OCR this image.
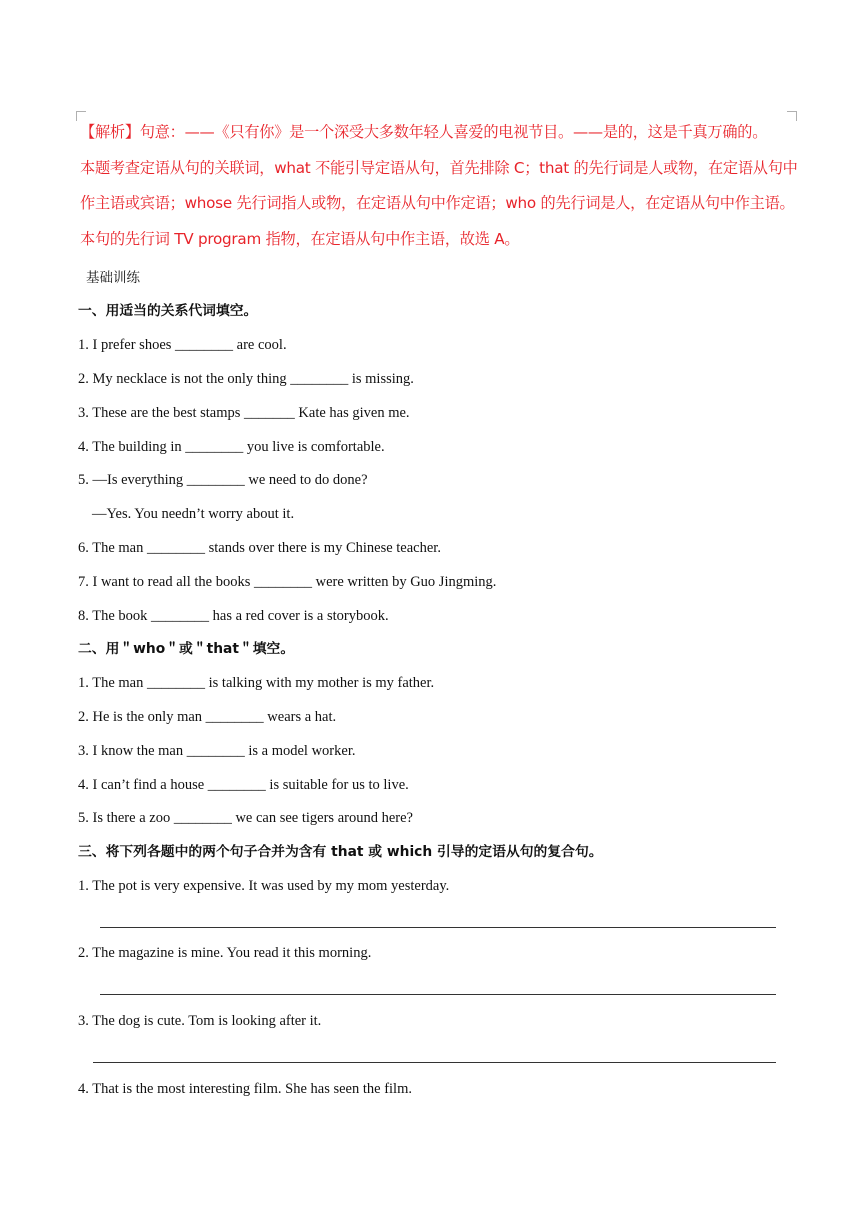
【解析】句意：——《只有你》是一个深受大多数年轻人喜爱的电视节目。——是的，这是千真万确的。
本题考查定语从句的关联词，what 不能引导定语从句，首先排除 C；that 的先行词是人或物，在定语从句中
作主语或宾语；whose 先行词指人或物，在定语从句中作定语；who 的先行词是人，在定语从句中作主语。
本句的先行词 TV program 指物，在定语从句中作主语，故选 A。
基础训练
一、用适当的关系代词填空。
1. I prefer shoes ________ are cool.
2. My necklace is not the only thing ________ is missing.
3. These are the best stamps _______ Kate has given me.
4. The building in ________ you live is comfortable.
5. —Is everything ________ we need to do done?
—Yes. You needn’t worry about it.
6. The man ________ stands over there is my Chinese teacher.
7. I want to read all the books ________ were written by Guo Jingming.
8. The book ________ has a red cover is a storybook.
二、用＂who＂或＂that＂填空。
1. The man ________ is talking with my mother is my father.
2. He is the only man ________ wears a hat.
3. I know the man ________ is a model worker.
4. I can’t find a house ________ is suitable for us to live.
5. Is there a zoo ________ we can see tigers around here?
三、将下列各题中的两个句子合并为含有 that 或 which 引导的定语从句的复合句。
1. The pot is very expensive. It was used by my mom yesterday.
2. The magazine is mine. You read it this morning.
3. The dog is cute. Tom is looking after it.
4. That is the most interesting film. She has seen the film.
